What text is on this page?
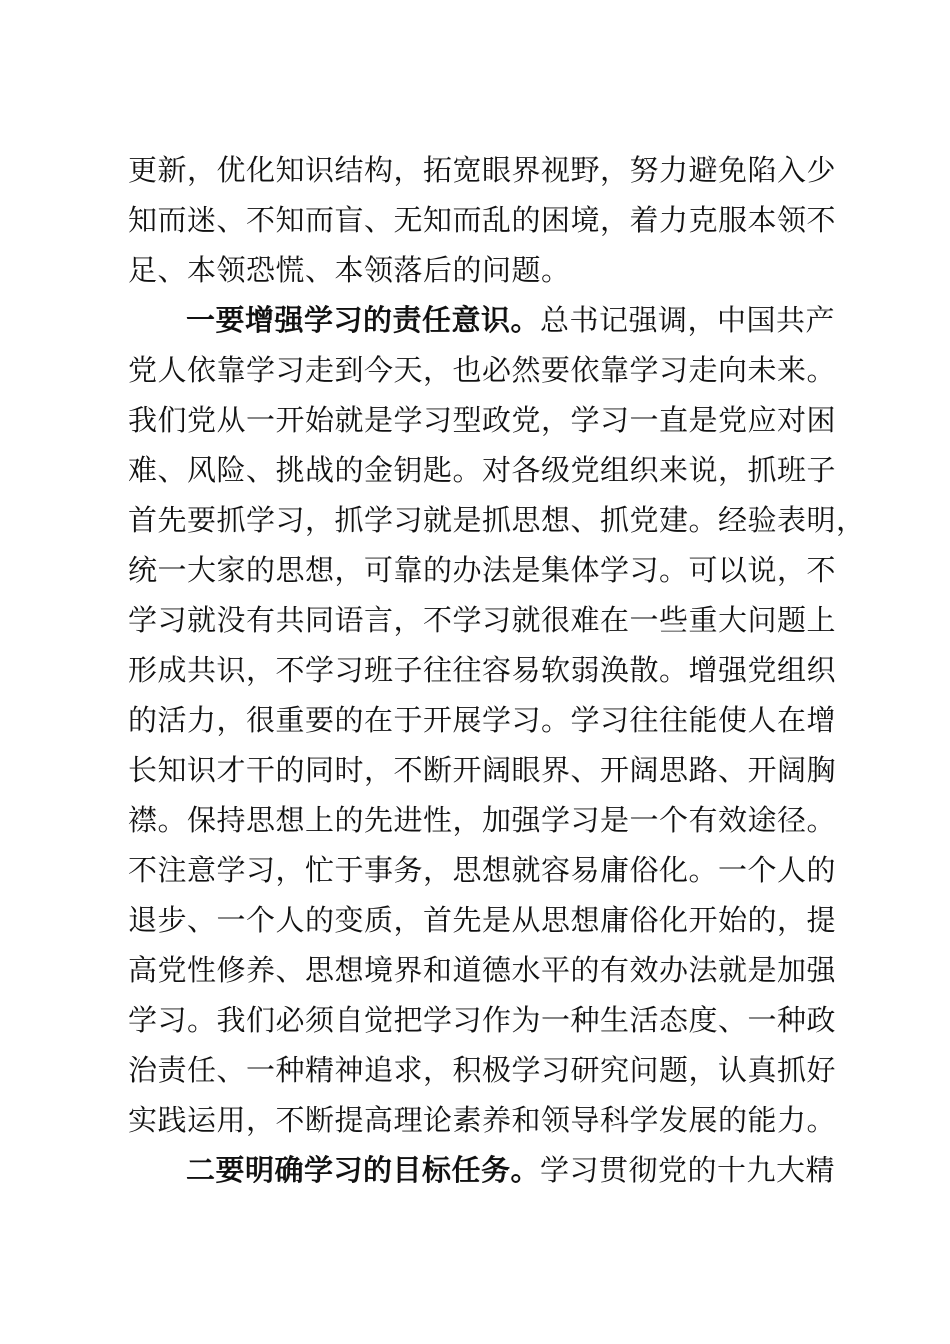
更新，优化知识结构，拓宽眼界视野，努力避免陷入少
知而迷、不知而盲、无知而乱的困境，着力克服本领不
足、本领恐慌、本领落后的问题。
一要增强学习的责任意识。总书记强调，中国共产
党人依靠学习走到今天，也必然要依靠学习走向未来。
我们党从一开始就是学习型政党，学习一直是党应对困
难、风险、挑战的金钥匙。对各级党组织来说，抓班子
首先要抓学习，抓学习就是抓思想、抓党建。经验表明，
统一大家的思想，可靠的办法是集体学习。可以说，不
学习就没有共同语言，不学习就很难在一些重大问题上
形成共识，不学习班子往往容易软弱涣散。增强党组织
的活力，很重要的在于开展学习。学习往往能使人在增
长知识才干的同时，不断开阔眼界、开阔思路、开阔胸
襟。保持思想上的先进性，加强学习是一个有效途径。
不注意学习，忙于事务，思想就容易庸俗化。一个人的
退步、一个人的变质，首先是从思想庸俗化开始的，提
高党性修养、思想境界和道德水平的有效办法就是加强
学习。我们必须自觉把学习作为一种生活态度、一种政
治责任、一种精神追求，积极学习研究问题，认真抓好
实践运用，不断提高理论素养和领导科学发展的能力。
二要明确学习的目标任务。学习贯彻党的十九大精
